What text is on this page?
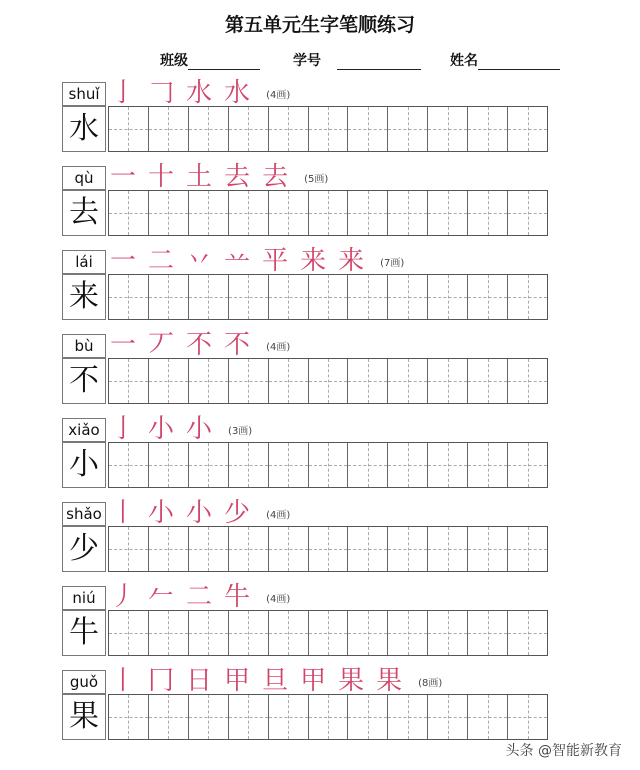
第五单元生字笔顺练习
班级	学号	姓名
shuǐ
水
亅 𠃌 水 水 (4画)
qù
去
一 十 土 去 去 (5画)
lái
来
一 二 丷 䒑 平 来 来 (7画)
bù
不
一 丆 不 不 (4画)
xiǎo
小
亅 小 小 (3画)
shǎo
少
丨 小 小 少 (4画)
niú
牛
丿 𠂉 二 牛 (4画)
guǒ
果
丨 冂 日 甲 旦 甲 果 果 (8画)
头条 @智能新教育
